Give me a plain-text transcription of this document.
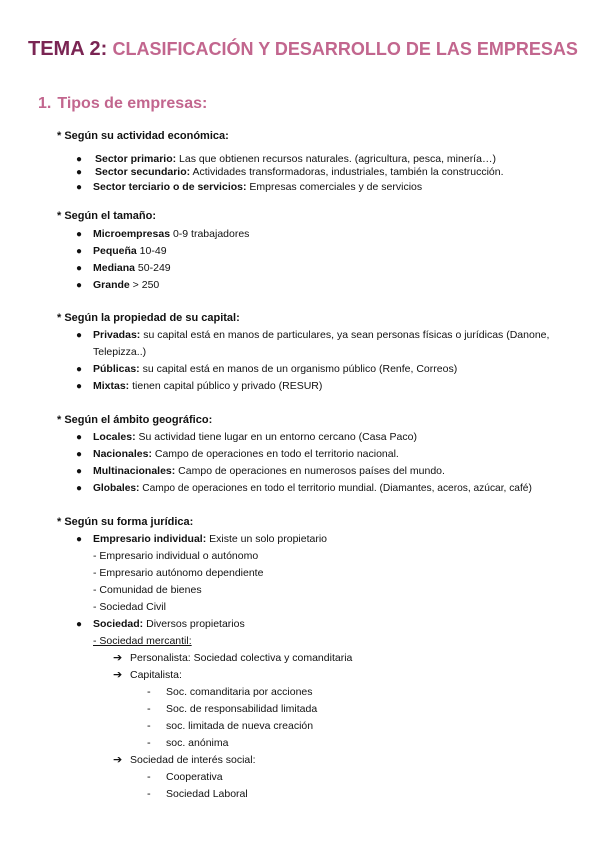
TEMA 2: CLASIFICACIÓN Y DESARROLLO DE LAS EMPRESAS
1. Tipos de empresas:
* Según su actividad económica:
● Sector primario: Las que obtienen recursos naturales. (agricultura, pesca, minería…)
● Sector secundario: Actividades transformadoras, industriales, también la construcción.
● Sector terciario o de servicios: Empresas comerciales y de servicios
* Según el tamaño:
● Microempresas 0-9 trabajadores
● Pequeña 10-49
● Mediana 50-249
● Grande > 250
* Según la propiedad de su capital:
● Privadas: su capital está en manos de particulares, ya sean personas físicas o jurídicas (Danone,
Telepizza..)
● Públicas: su capital está en manos de un organismo público (Renfe, Correos)
● Mixtas: tienen capital público y privado (RESUR)
* Según el ámbito geográfico:
● Locales: Su actividad tiene lugar en un entorno cercano (Casa Paco)
● Nacionales: Campo de operaciones en todo el territorio nacional.
● Multinacionales: Campo de operaciones en numerosos países del mundo.
● Globales: Campo de operaciones en todo el territorio mundial. (Diamantes, aceros, azúcar, café)
* Según su forma jurídica:
● Empresario individual: Existe un solo propietario
- Empresario individual o autónomo
- Empresario autónomo dependiente
- Comunidad de bienes
- Sociedad Civil
● Sociedad: Diversos propietarios
- Sociedad mercantil:
➔ Personalista: Sociedad colectiva y comanditaria
➔ Capitalista:
- Soc. comanditaria por acciones
- Soc. de responsabilidad limitada
- soc. limitada de nueva creación
- soc. anónima
➔ Sociedad de interés social:
- Cooperativa
- Sociedad Laboral
